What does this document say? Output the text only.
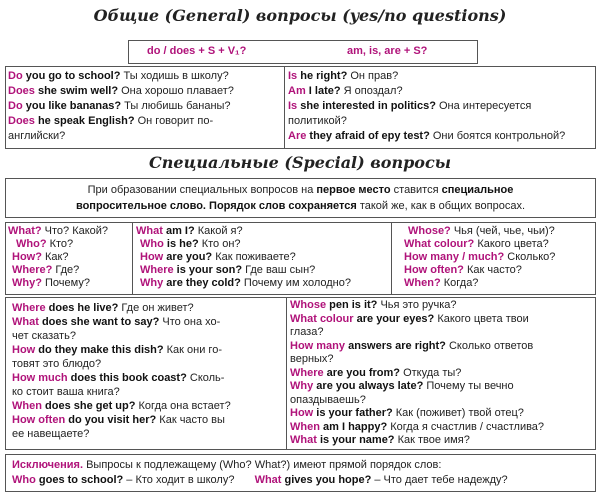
Общие (General) вопросы (yes/no questions)
do / does + S + V₁?	am, is, are + S?
Do you go to school? Ты ходишь в школу?
Does she swim well? Она хорошо плавает?
Do you like bananas? Ты любишь бананы?
Does he speak English? Он говорит по-
английски?
Is he right? Он прав?
Am I late? Я опоздал?
Is she interested in politics? Она интересуется
политикой?
Are they afraid of epy test? Они боятся контрольной?
Специальные (Special) вопросы
При образовании специальных вопросов на первое место ставится специальное
вопросительное слово. Порядок слов сохраняется такой же, как в общих вопросах.
What? Что? Какой?
Who? Кто?
How? Как?
Where? Где?
Why? Почему?
What am I? Какой я?
Who is he? Кто он?
How are you? Как поживаете?
Where is your son? Где ваш сын?
Why are they cold? Почему им холодно?
Whose? Чья (чей, чье, чьи)?
What colour? Какого цвета?
How many / much? Сколько?
How often? Как часто?
When? Когда?
Where does he live? Где он живет?
What does she want to say? Что она хо-
чет сказать?
How do they make this dish? Как они го-
товят это блюдо?
How much does this book coast? Сколь-
ко стоит ваша книга?
When does she get up? Когда она встает?
How often do you visit her? Как часто вы
ее навещаете?
Whose pen is it? Чья это ручка?
What colour are your eyes? Какого цвета твои
глаза?
How many answers are right? Сколько ответов
верных?
Where are you from? Откуда ты?
Why are you always late? Почему ты вечно
опаздываешь?
How is your father? Как (поживет) твой отец?
When am I happy? Когда я счастлив / счастлива?
What is your name? Как твое имя?
Исключения. Выпросы к подлежащему (Who? What?) имеют прямой порядок слов:
Who goes to school? – Кто ходит в школу? What gives you hope? – Что дает тебе надежду?
